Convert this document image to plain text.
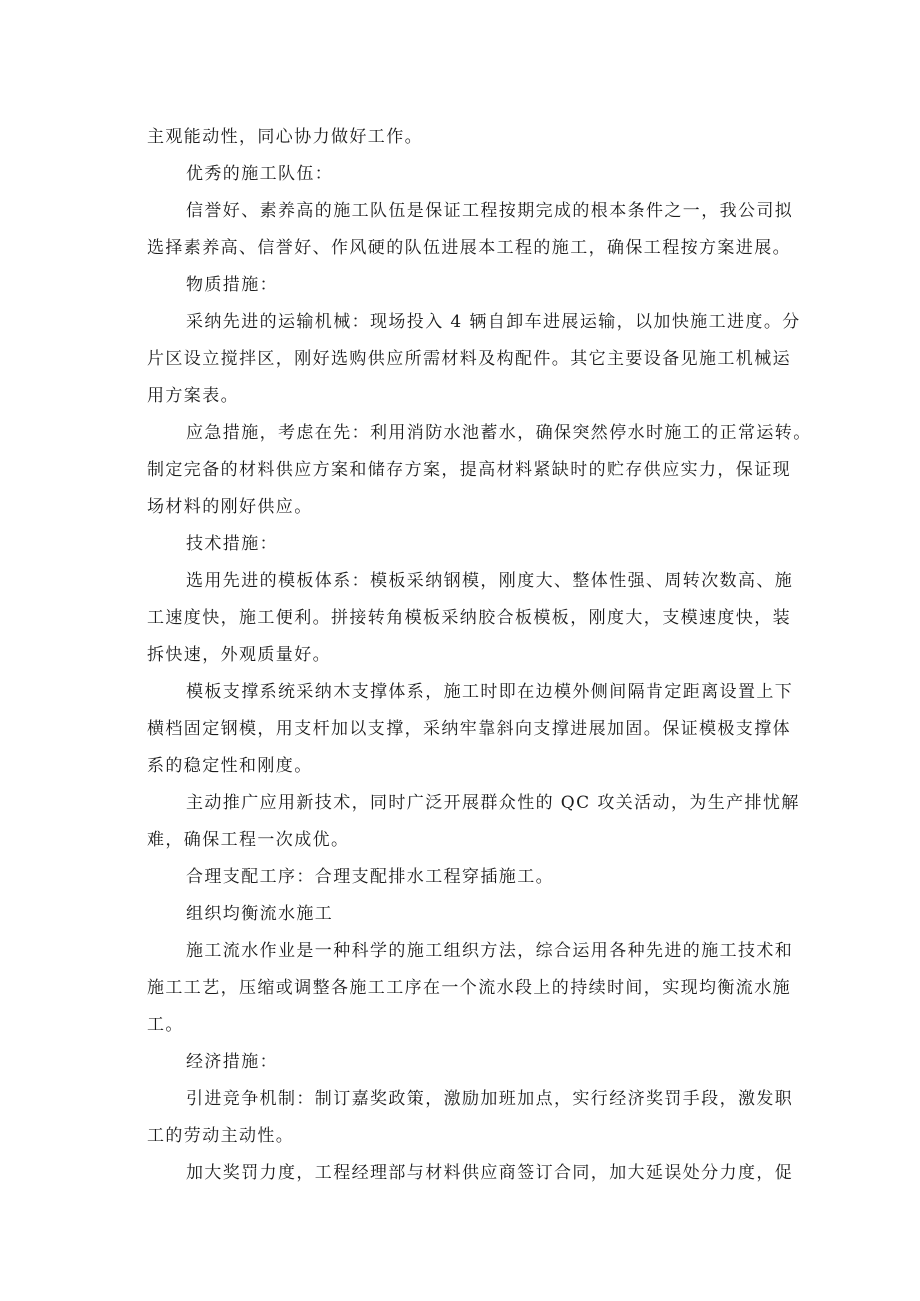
主观能动性，同心协力做好工作。
优秀的施工队伍：
信誉好、素养高的施工队伍是保证工程按期完成的根本条件之一，我公司拟
选择素养高、信誉好、作风硬的队伍进展本工程的施工，确保工程按方案进展。
物质措施：
采纳先进的运输机械：现场投入 4 辆自卸车进展运输，以加快施工进度。分
片区设立搅拌区，刚好选购供应所需材料及构配件。其它主要设备见施工机械运
用方案表。
应急措施，考虑在先：利用消防水池蓄水，确保突然停水时施工的正常运转。
制定完备的材料供应方案和储存方案，提高材料紧缺时的贮存供应实力，保证现
场材料的刚好供应。
技术措施：
选用先进的模板体系：模板采纳钢模，刚度大、整体性强、周转次数高、施
工速度快，施工便利。拼接转角模板采纳胶合板模板，刚度大，支模速度快，装
拆快速，外观质量好。
模板支撑系统采纳木支撑体系，施工时即在边模外侧间隔肯定距离设置上下
横档固定钢模，用支杆加以支撑，采纳牢靠斜向支撑进展加固。保证模极支撑体
系的稳定性和刚度。
主动推广应用新技术，同时广泛开展群众性的 QC 攻关活动，为生产排忧解
难，确保工程一次成优。
合理支配工序：合理支配排水工程穿插施工。
组织均衡流水施工
施工流水作业是一种科学的施工组织方法，综合运用各种先进的施工技术和
施工工艺，压缩或调整各施工工序在一个流水段上的持续时间，实现均衡流水施
工。
经济措施：
引进竞争机制：制订嘉奖政策，激励加班加点，实行经济奖罚手段，激发职
工的劳动主动性。
加大奖罚力度，工程经理部与材料供应商签订合同，加大延误处分力度，促
